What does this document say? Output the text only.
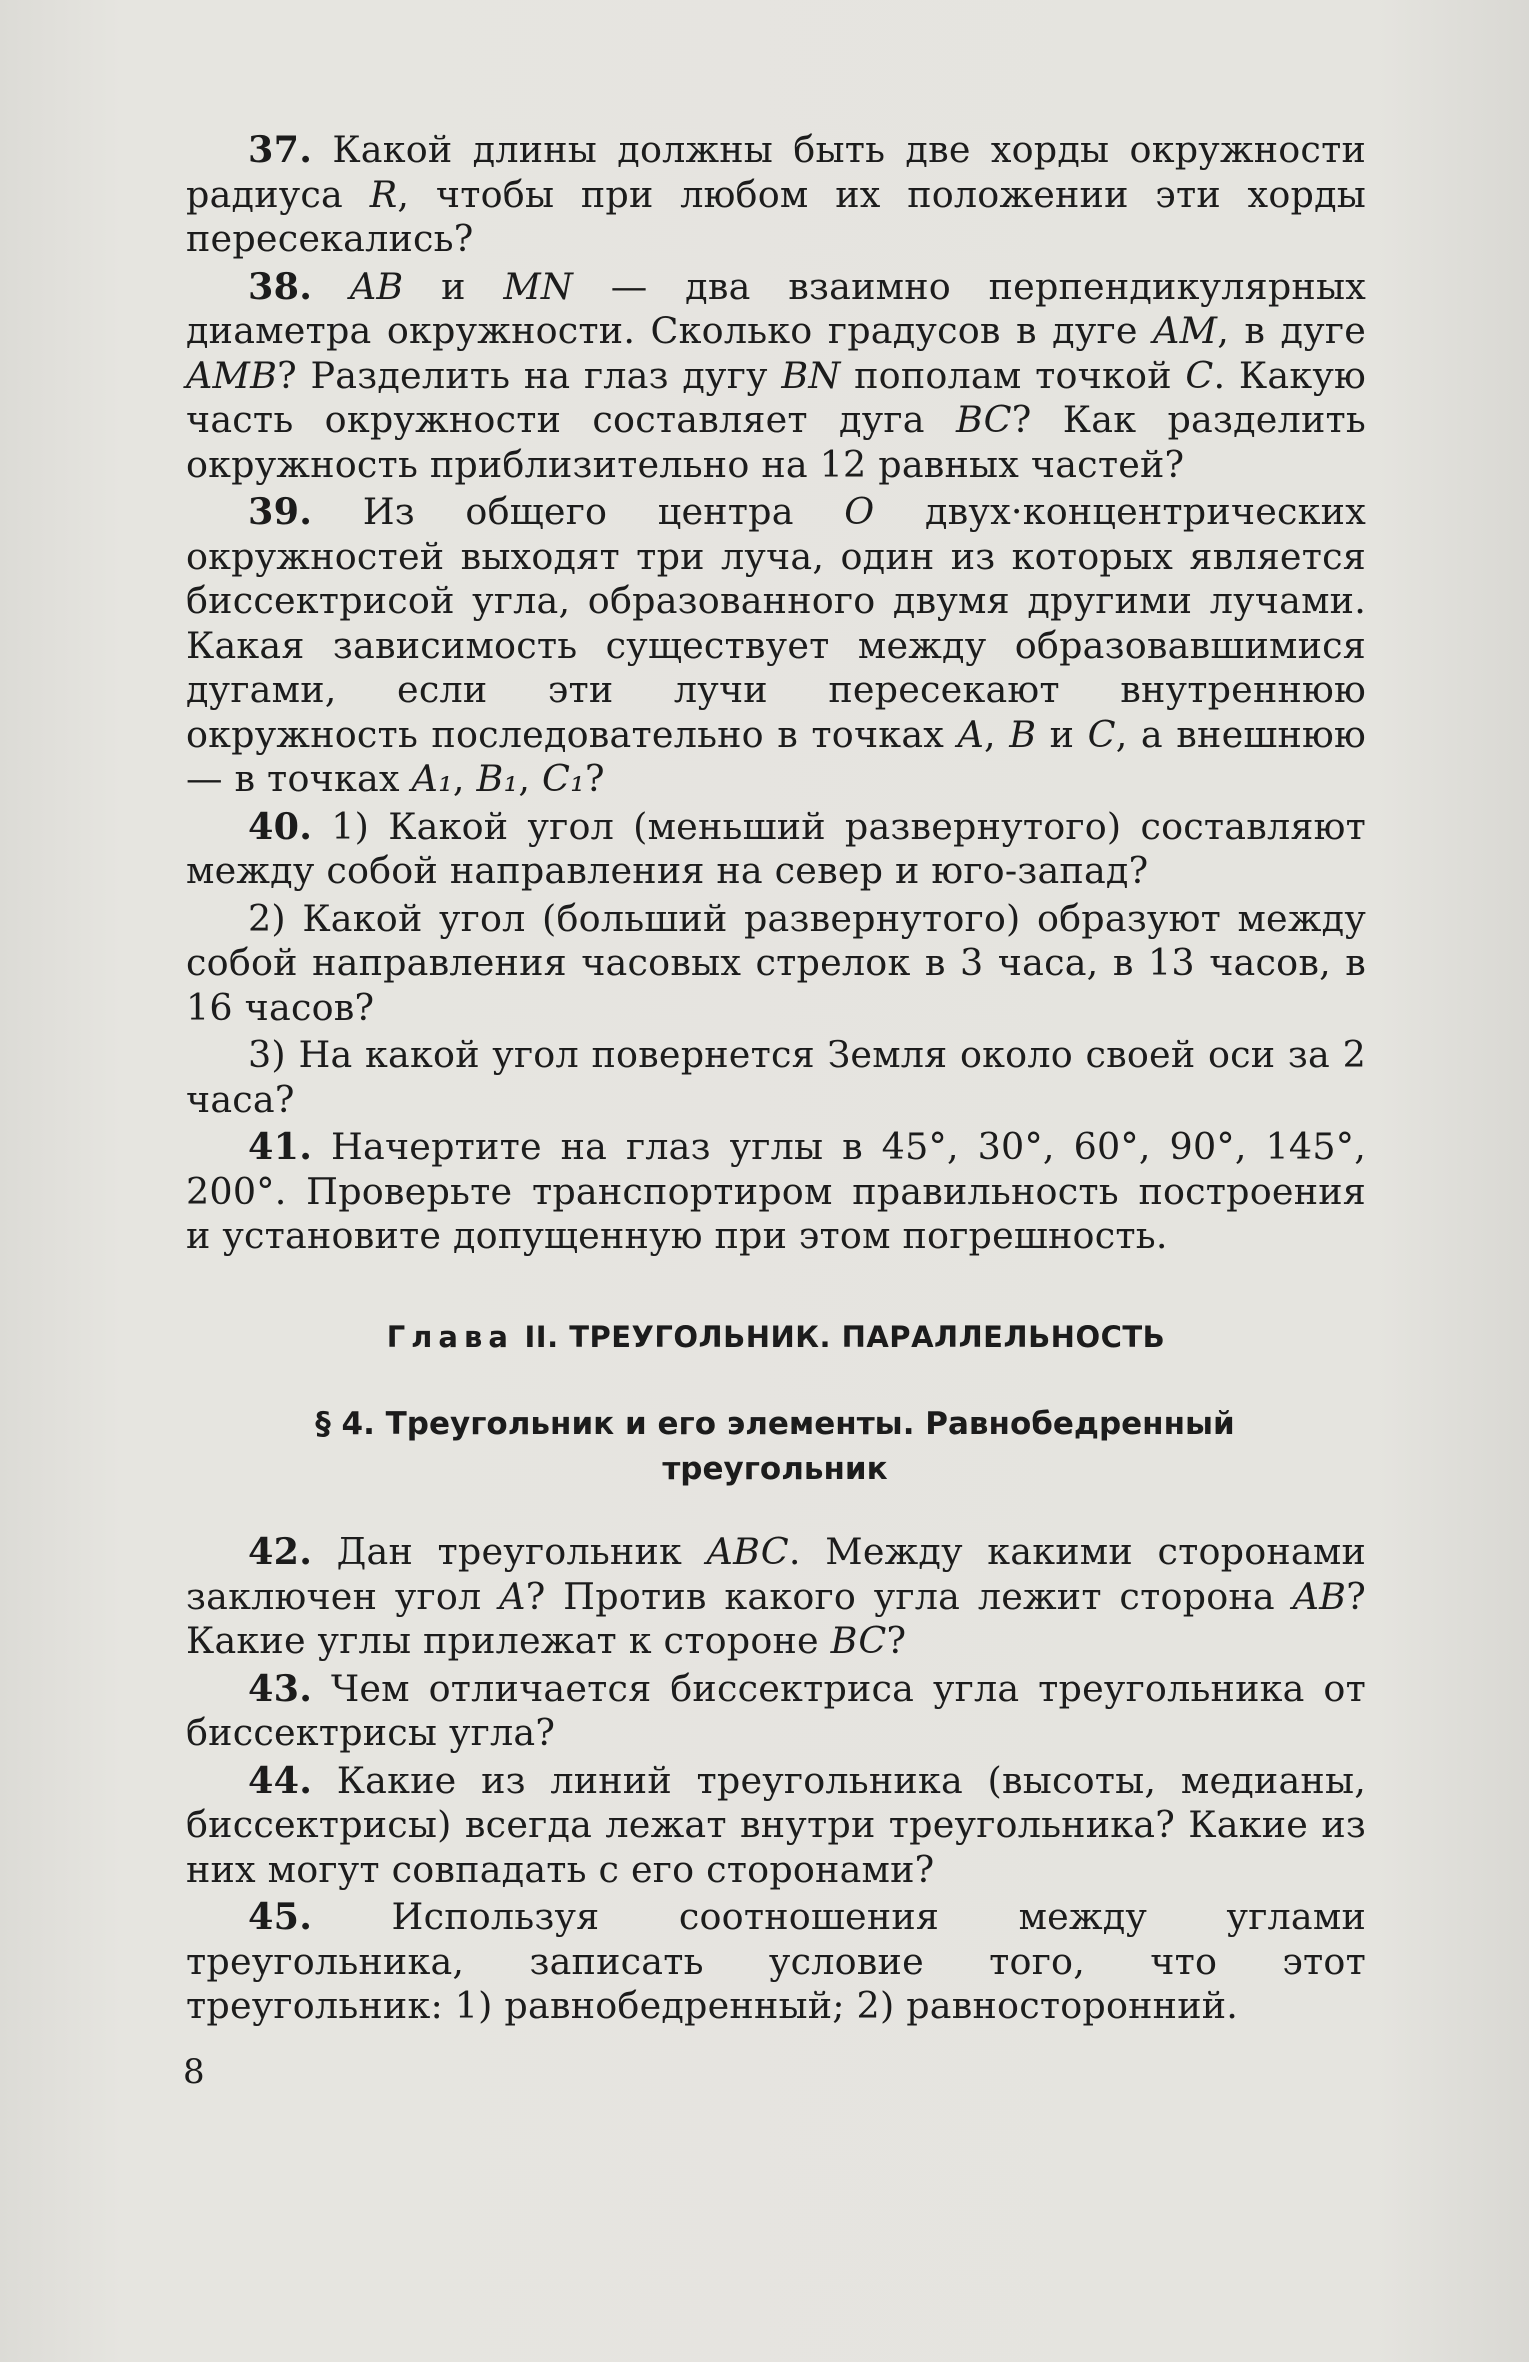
37. Какой длины должны быть две хорды окружности радиуса R, чтобы при любом их положении эти хорды пересекались?

38. AB и MN — два взаимно перпендикулярных диаметра окружности. Сколько градусов в дуге AM, в дуге AMB? Разделить на глаз дугу BN пополам точкой C. Какую часть окружности составляет дуга BC? Как разделить окружность приблизительно на 12 равных частей?

39. Из общего центра O двух·концентрических окружностей выходят три луча, один из которых является биссектрисой угла, образованного двумя другими лучами. Какая зависимость существует между образовавшимися дугами, если эти лучи пересекают внутреннюю окружность последовательно в точках A, B и C, а внешнюю — в точках A₁, B₁, C₁?

40. 1) Какой угол (меньший развернутого) составляют между собой направления на север и юго-запад?

2) Какой угол (больший развернутого) образуют между собой направления часовых стрелок в 3 часа, в 13 часов, в 16 часов?

3) На какой угол повернется Земля около своей оси за 2 часа?

41. Начертите на глаз углы в 45°, 30°, 60°, 90°, 145°, 200°. Проверьте транспортиром правильность построения и установите допущенную при этом погрешность.

Глава II. ТРЕУГОЛЬНИК. ПАРАЛЛЕЛЬНОСТЬ
§ 4. Треугольник и его элементы. Равнобедренный
треугольник

42. Дан треугольник ABC. Между какими сторонами заключен угол A? Против какого угла лежит сторона AB? Какие углы прилежат к стороне BC?

43. Чем отличается биссектриса угла треугольника от биссектрисы угла?

44. Какие из линий треугольника (высоты, медианы, биссектрисы) всегда лежат внутри треугольника? Какие из них могут совпадать с его сторонами?

45. Используя соотношения между углами треугольника, записать условие того, что этот треугольник: 1) равнобедренный; 2) равносторонний.

8
